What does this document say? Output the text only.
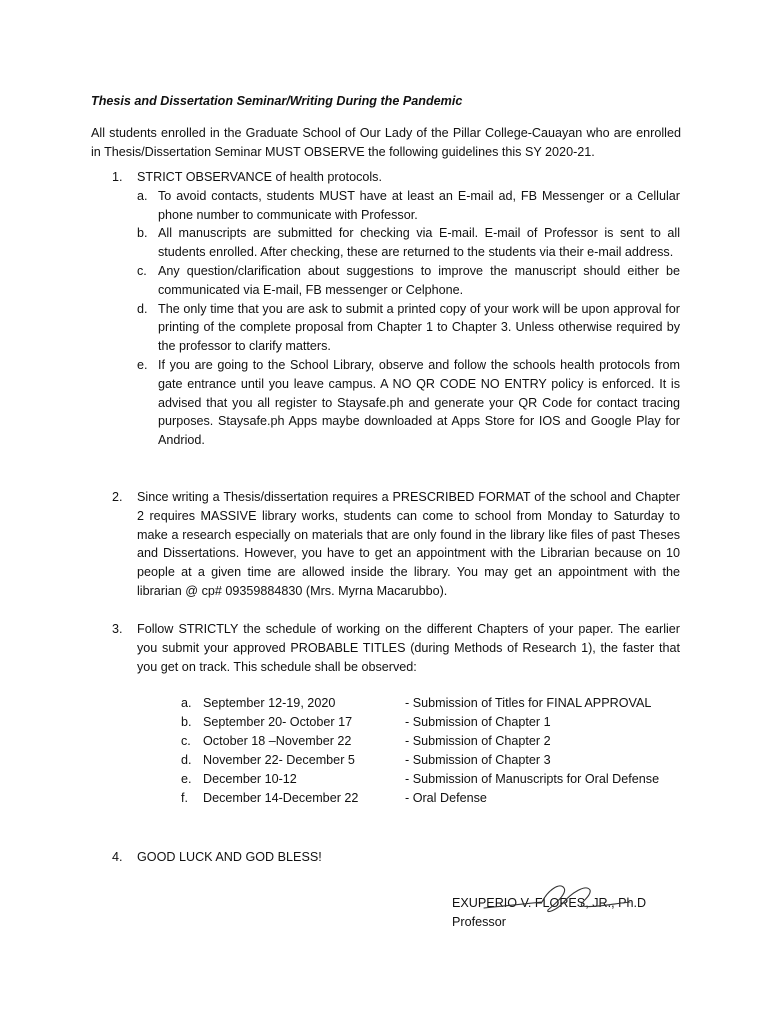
Thesis and Dissertation Seminar/Writing During the Pandemic

All students enrolled in the Graduate School of Our Lady of the Pillar College-Cauayan who are enrolled in Thesis/Dissertation Seminar MUST OBSERVE the following guidelines this SY 2020-21.

1.	STRICT OBSERVANCE of health protocols.
a. To avoid contacts, students MUST have at least an E-mail ad, FB Messenger or a Cellular phone number to communicate with Professor.
b. All manuscripts are submitted for checking via E-mail. E-mail of Professor is sent to all students enrolled. After checking, these are returned to the students via their e-mail address.
c. Any question/clarification about suggestions to improve the manuscript should either be communicated via E-mail, FB messenger or Celphone.
d. The only time that you are ask to submit a printed copy of your work will be upon approval for printing of the complete proposal from Chapter 1 to Chapter 3. Unless otherwise required by the professor to clarify matters.
e. If you are going to the School Library, observe and follow the schools health protocols from gate entrance until you leave campus. A NO QR CODE NO ENTRY policy is enforced. It is advised that you all register to Staysafe.ph and generate your QR Code for contact tracing purposes. Staysafe.ph Apps maybe downloaded at Apps Store for IOS and Google Play for Andriod.
2.	Since writing a Thesis/dissertation requires a PRESCRIBED FORMAT of the school and Chapter 2 requires MASSIVE library works, students can come to school from Monday to Saturday to make a research especially on materials that are only found in the library like files of past Theses and Dissertations. However, you have to get an appointment with the Librarian because on 10 people at a given time are allowed inside the library. You may get an appointment with the librarian @ cp# 09359884830 (Mrs. Myrna Macarubbo).
3.	Follow STRICTLY the schedule of working on the different Chapters of your paper. The earlier you submit your approved PROBABLE TITLES (during Methods of Research 1), the faster that you get on track. This schedule shall be observed:
a. September 12-19, 2020	- Submission of Titles for FINAL APPROVAL
b. September 20- October 17	- Submission of Chapter 1
c. October 18 –November 22	- Submission of Chapter 2
d. November 22- December 5	- Submission of Chapter 3
e. December 10-12	- Submission of Manuscripts for Oral Defense
f. December 14-December 22	- Oral Defense
4.	GOOD LUCK AND GOD BLESS!
EXUPERIO V. FLORES, JR., Ph.D
Professor
